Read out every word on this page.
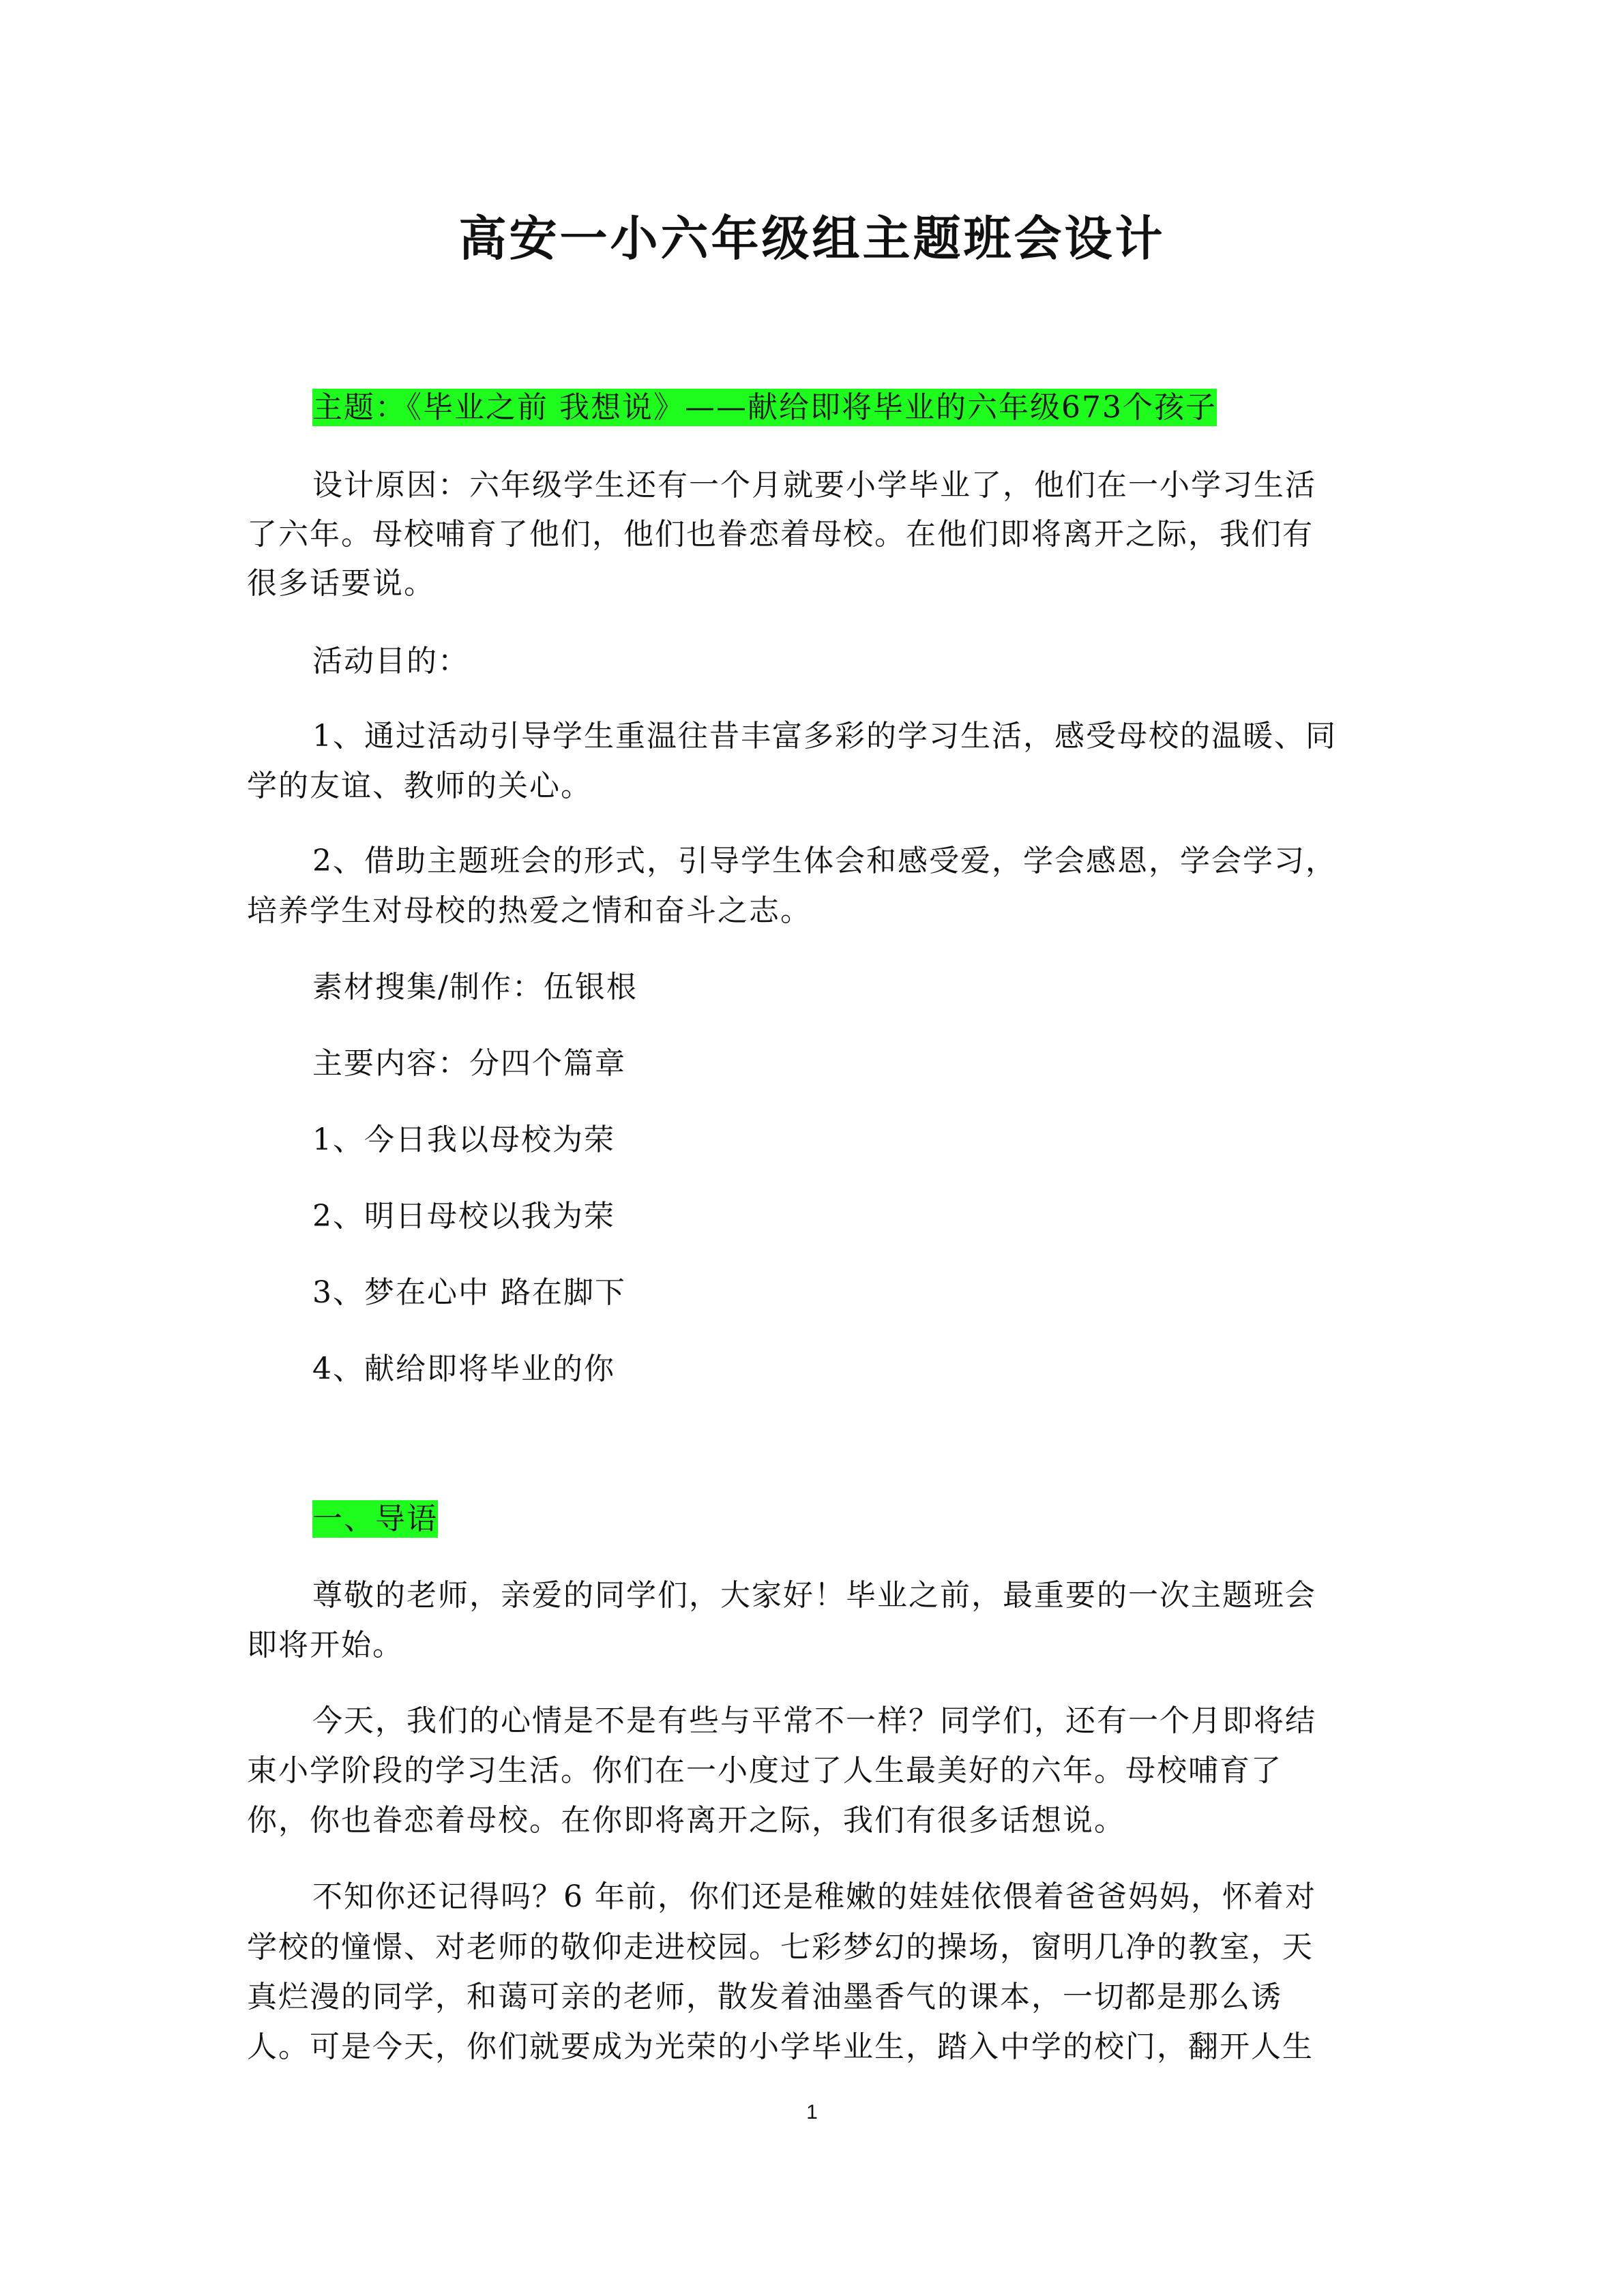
高安一小六年级组主题班会设计
主题：《毕业之前 我想说》——献给即将毕业的六年级673个孩子
设计原因：六年级学生还有一个月就要小学毕业了，他们在一小学习生活
了六年。母校哺育了他们，他们也眷恋着母校。在他们即将离开之际，我们有
很多话要说。
活动目的：
1、通过活动引导学生重温往昔丰富多彩的学习生活，感受母校的温暖、同
学的友谊、教师的关心。
2、借助主题班会的形式，引导学生体会和感受爱，学会感恩，学会学习，
培养学生对母校的热爱之情和奋斗之志。
素材搜集/制作：伍银根
主要内容：分四个篇章
1、今日我以母校为荣
2、明日母校以我为荣
3、梦在心中 路在脚下
4、献给即将毕业的你
一、导语
尊敬的老师，亲爱的同学们，大家好！毕业之前，最重要的一次主题班会
即将开始。
今天，我们的心情是不是有些与平常不一样？同学们，还有一个月即将结
束小学阶段的学习生活。你们在一小度过了人生最美好的六年。母校哺育了
你，你也眷恋着母校。在你即将离开之际，我们有很多话想说。
不知你还记得吗？6 年前，你们还是稚嫩的娃娃依偎着爸爸妈妈，怀着对
学校的憧憬、对老师的敬仰走进校园。七彩梦幻的操场，窗明几净的教室，天
真烂漫的同学，和蔼可亲的老师，散发着油墨香气的课本，一切都是那么诱
人。可是今天，你们就要成为光荣的小学毕业生，踏入中学的校门，翻开人生
1
